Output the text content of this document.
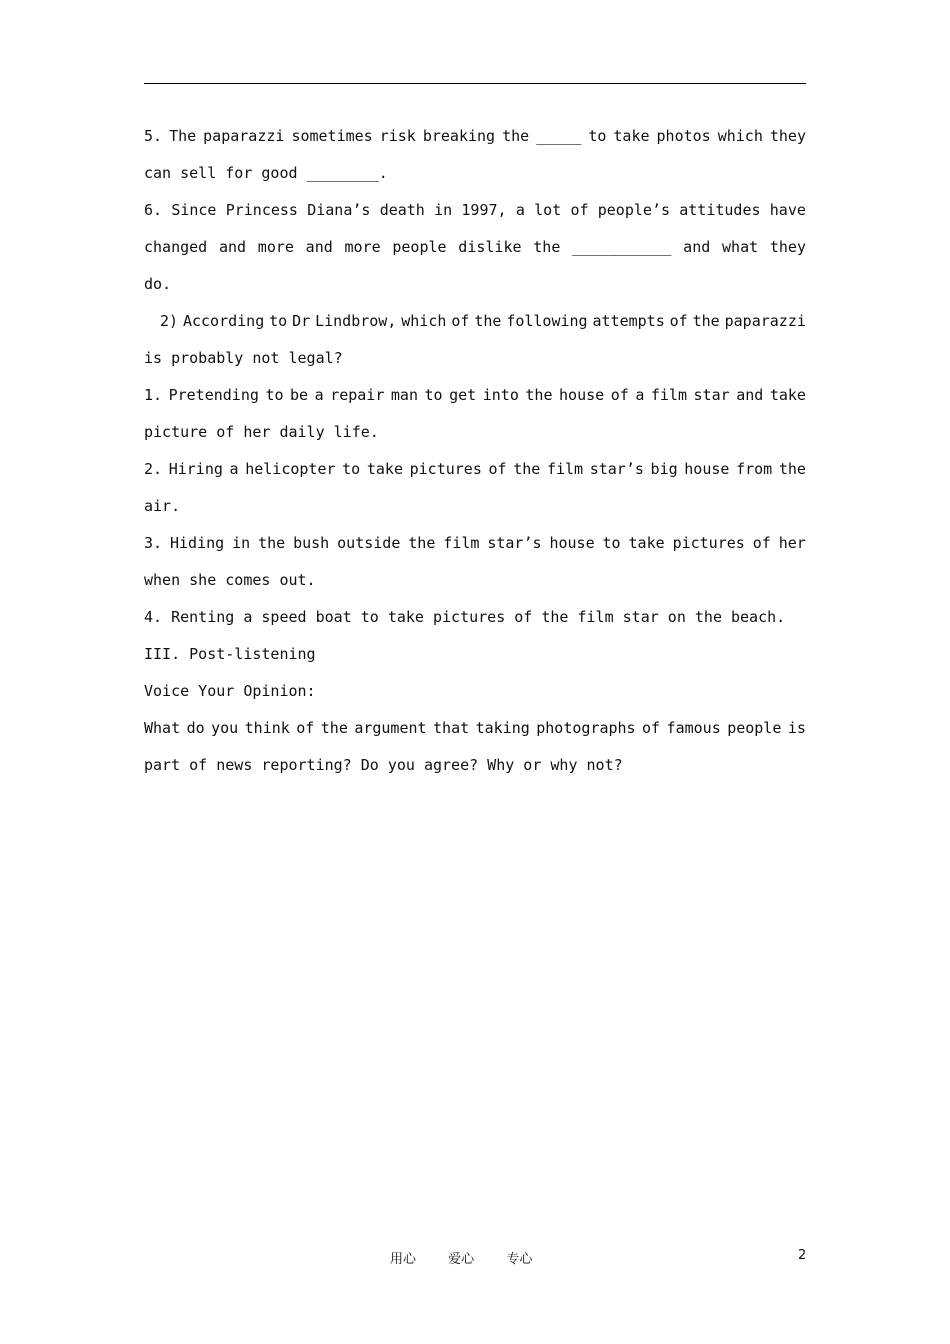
5. The paparazzi sometimes risk breaking the _____ to take photos which they
can sell for good ________.
6. Since Princess Diana’s death in 1997, a lot of people’s attitudes have
changed and more and more people dislike the ___________ and what they do.
2) According to Dr Lindbrow, which of the following attempts of the paparazzi
is probably not legal?
1. Pretending to be a repair man to get into the house of a film star and take
picture of her daily life.
2. Hiring a helicopter to take pictures of the film star’s big house from the
air.
3. Hiding in the bush outside the film star’s house to take pictures of her
when she comes out.
4. Renting a speed boat to take pictures of the film star on the beach.
III. Post-listening
Voice Your Opinion:
What do you think of the argument that taking photographs of famous people is
part of news reporting? Do you agree? Why or why not?
用心 爱心 专心	2
